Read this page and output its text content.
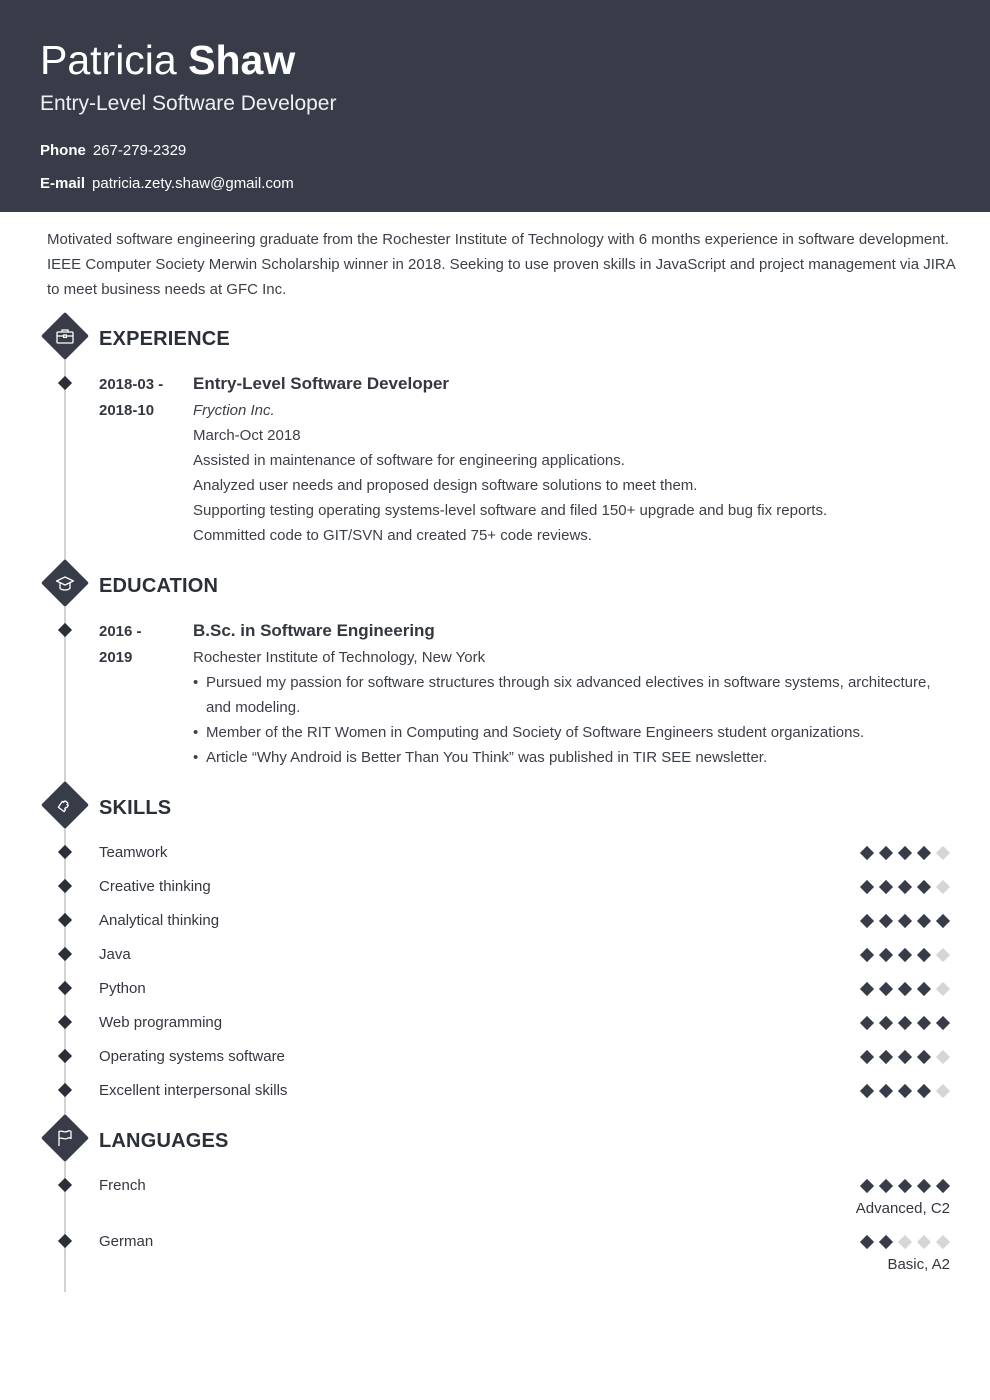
Patricia Shaw
Entry-Level Software Developer
Phone 267-279-2329
E-mail patricia.zety.shaw@gmail.com
Motivated software engineering graduate from the Rochester Institute of Technology with 6 months experience in software development. IEEE Computer Society Merwin Scholarship winner in 2018. Seeking to use proven skills in JavaScript and project management via JIRA to meet business needs at GFC Inc.
EXPERIENCE
2018-03 -
2018-10
Entry-Level Software Developer
Fryction Inc.
March-Oct 2018
Assisted in maintenance of software for engineering applications.
Analyzed user needs and proposed design software solutions to meet them.
Supporting testing operating systems-level software and filed 150+ upgrade and bug fix reports.
Committed code to GIT/SVN and created 75+ code reviews.
EDUCATION
2016 -
2019
B.Sc. in Software Engineering
Rochester Institute of Technology, New York
• Pursued my passion for software structures through six advanced electives in software systems, architecture, and modeling.
• Member of the RIT Women in Computing and Society of Software Engineers student organizations.
• Article “Why Android is Better Than You Think” was published in TIR SEE newsletter.
SKILLS
Teamwork
Creative thinking
Analytical thinking
Java
Python
Web programming
Operating systems software
Excellent interpersonal skills
LANGUAGES
French
Advanced, C2
German
Basic, A2
